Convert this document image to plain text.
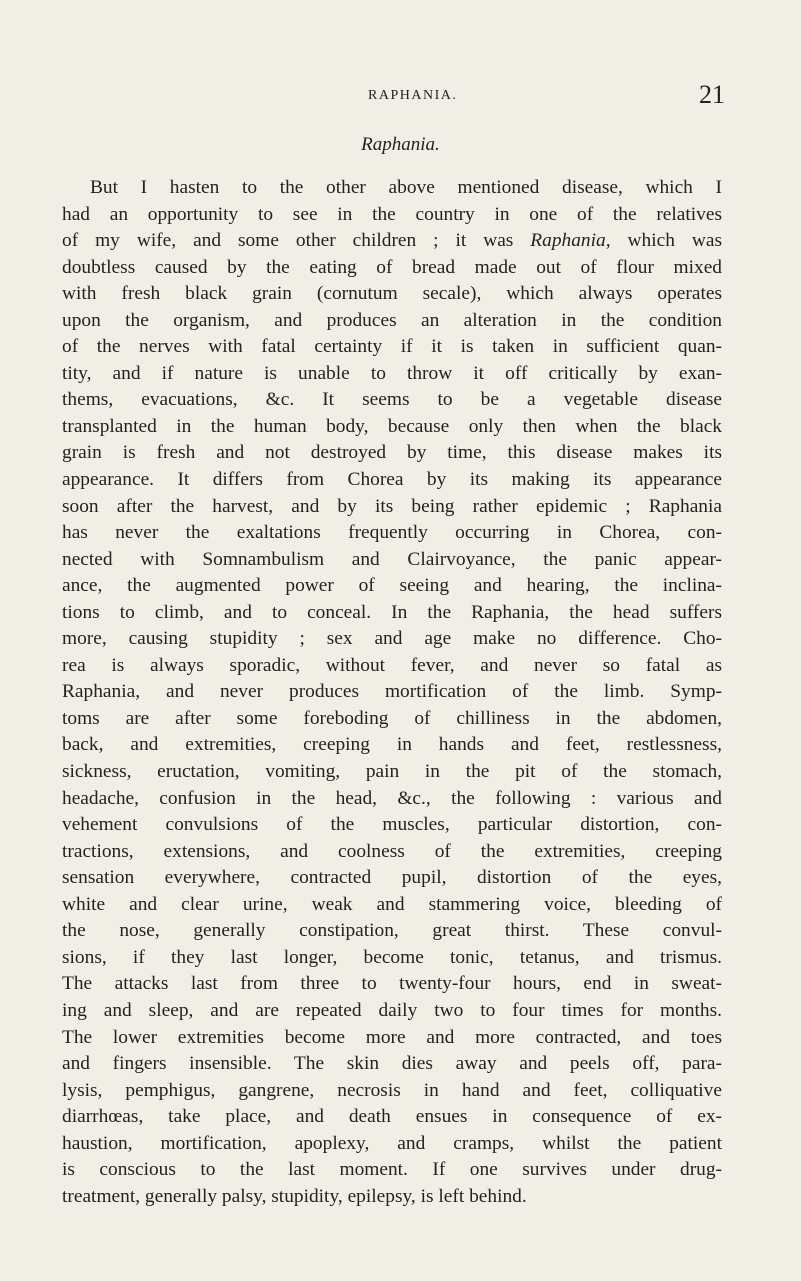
RAPHANIA.	21
Raphania.
But I hasten to the other above mentioned disease, which I
had an opportunity to see in the country in one of the relatives
of my wife, and some other children ; it was Raphania, which was
doubtless caused by the eating of bread made out of flour mixed
with fresh black grain (cornutum secale), which always operates
upon the organism, and produces an alteration in the condition
of the nerves with fatal certainty if it is taken in sufficient quan-
tity, and if nature is unable to throw it off critically by exan-
thems, evacuations, &c. It seems to be a vegetable disease
transplanted in the human body, because only then when the black
grain is fresh and not destroyed by time, this disease makes its
appearance. It differs from Chorea by its making its appearance
soon after the harvest, and by its being rather epidemic ; Raphania
has never the exaltations frequently occurring in Chorea, con-
nected with Somnambulism and Clairvoyance, the panic appear-
ance, the augmented power of seeing and hearing, the inclina-
tions to climb, and to conceal. In the Raphania, the head suffers
more, causing stupidity ; sex and age make no difference. Cho-
rea is always sporadic, without fever, and never so fatal as
Raphania, and never produces mortification of the limb. Symp-
toms are after some foreboding of chilliness in the abdomen,
back, and extremities, creeping in hands and feet, restlessness,
sickness, eructation, vomiting, pain in the pit of the stomach,
headache, confusion in the head, &c., the following : various and
vehement convulsions of the muscles, particular distortion, con-
tractions, extensions, and coolness of the extremities, creeping
sensation everywhere, contracted pupil, distortion of the eyes,
white and clear urine, weak and stammering voice, bleeding of
the nose, generally constipation, great thirst. These convul-
sions, if they last longer, become tonic, tetanus, and trismus.
The attacks last from three to twenty-four hours, end in sweat-
ing and sleep, and are repeated daily two to four times for months.
The lower extremities become more and more contracted, and toes
and fingers insensible. The skin dies away and peels off, para-
lysis, pemphigus, gangrene, necrosis in hand and feet, colliquative
diarrhœas, take place, and death ensues in consequence of ex-
haustion, mortification, apoplexy, and cramps, whilst the patient
is conscious to the last moment. If one survives under drug-
treatment, generally palsy, stupidity, epilepsy, is left behind.
